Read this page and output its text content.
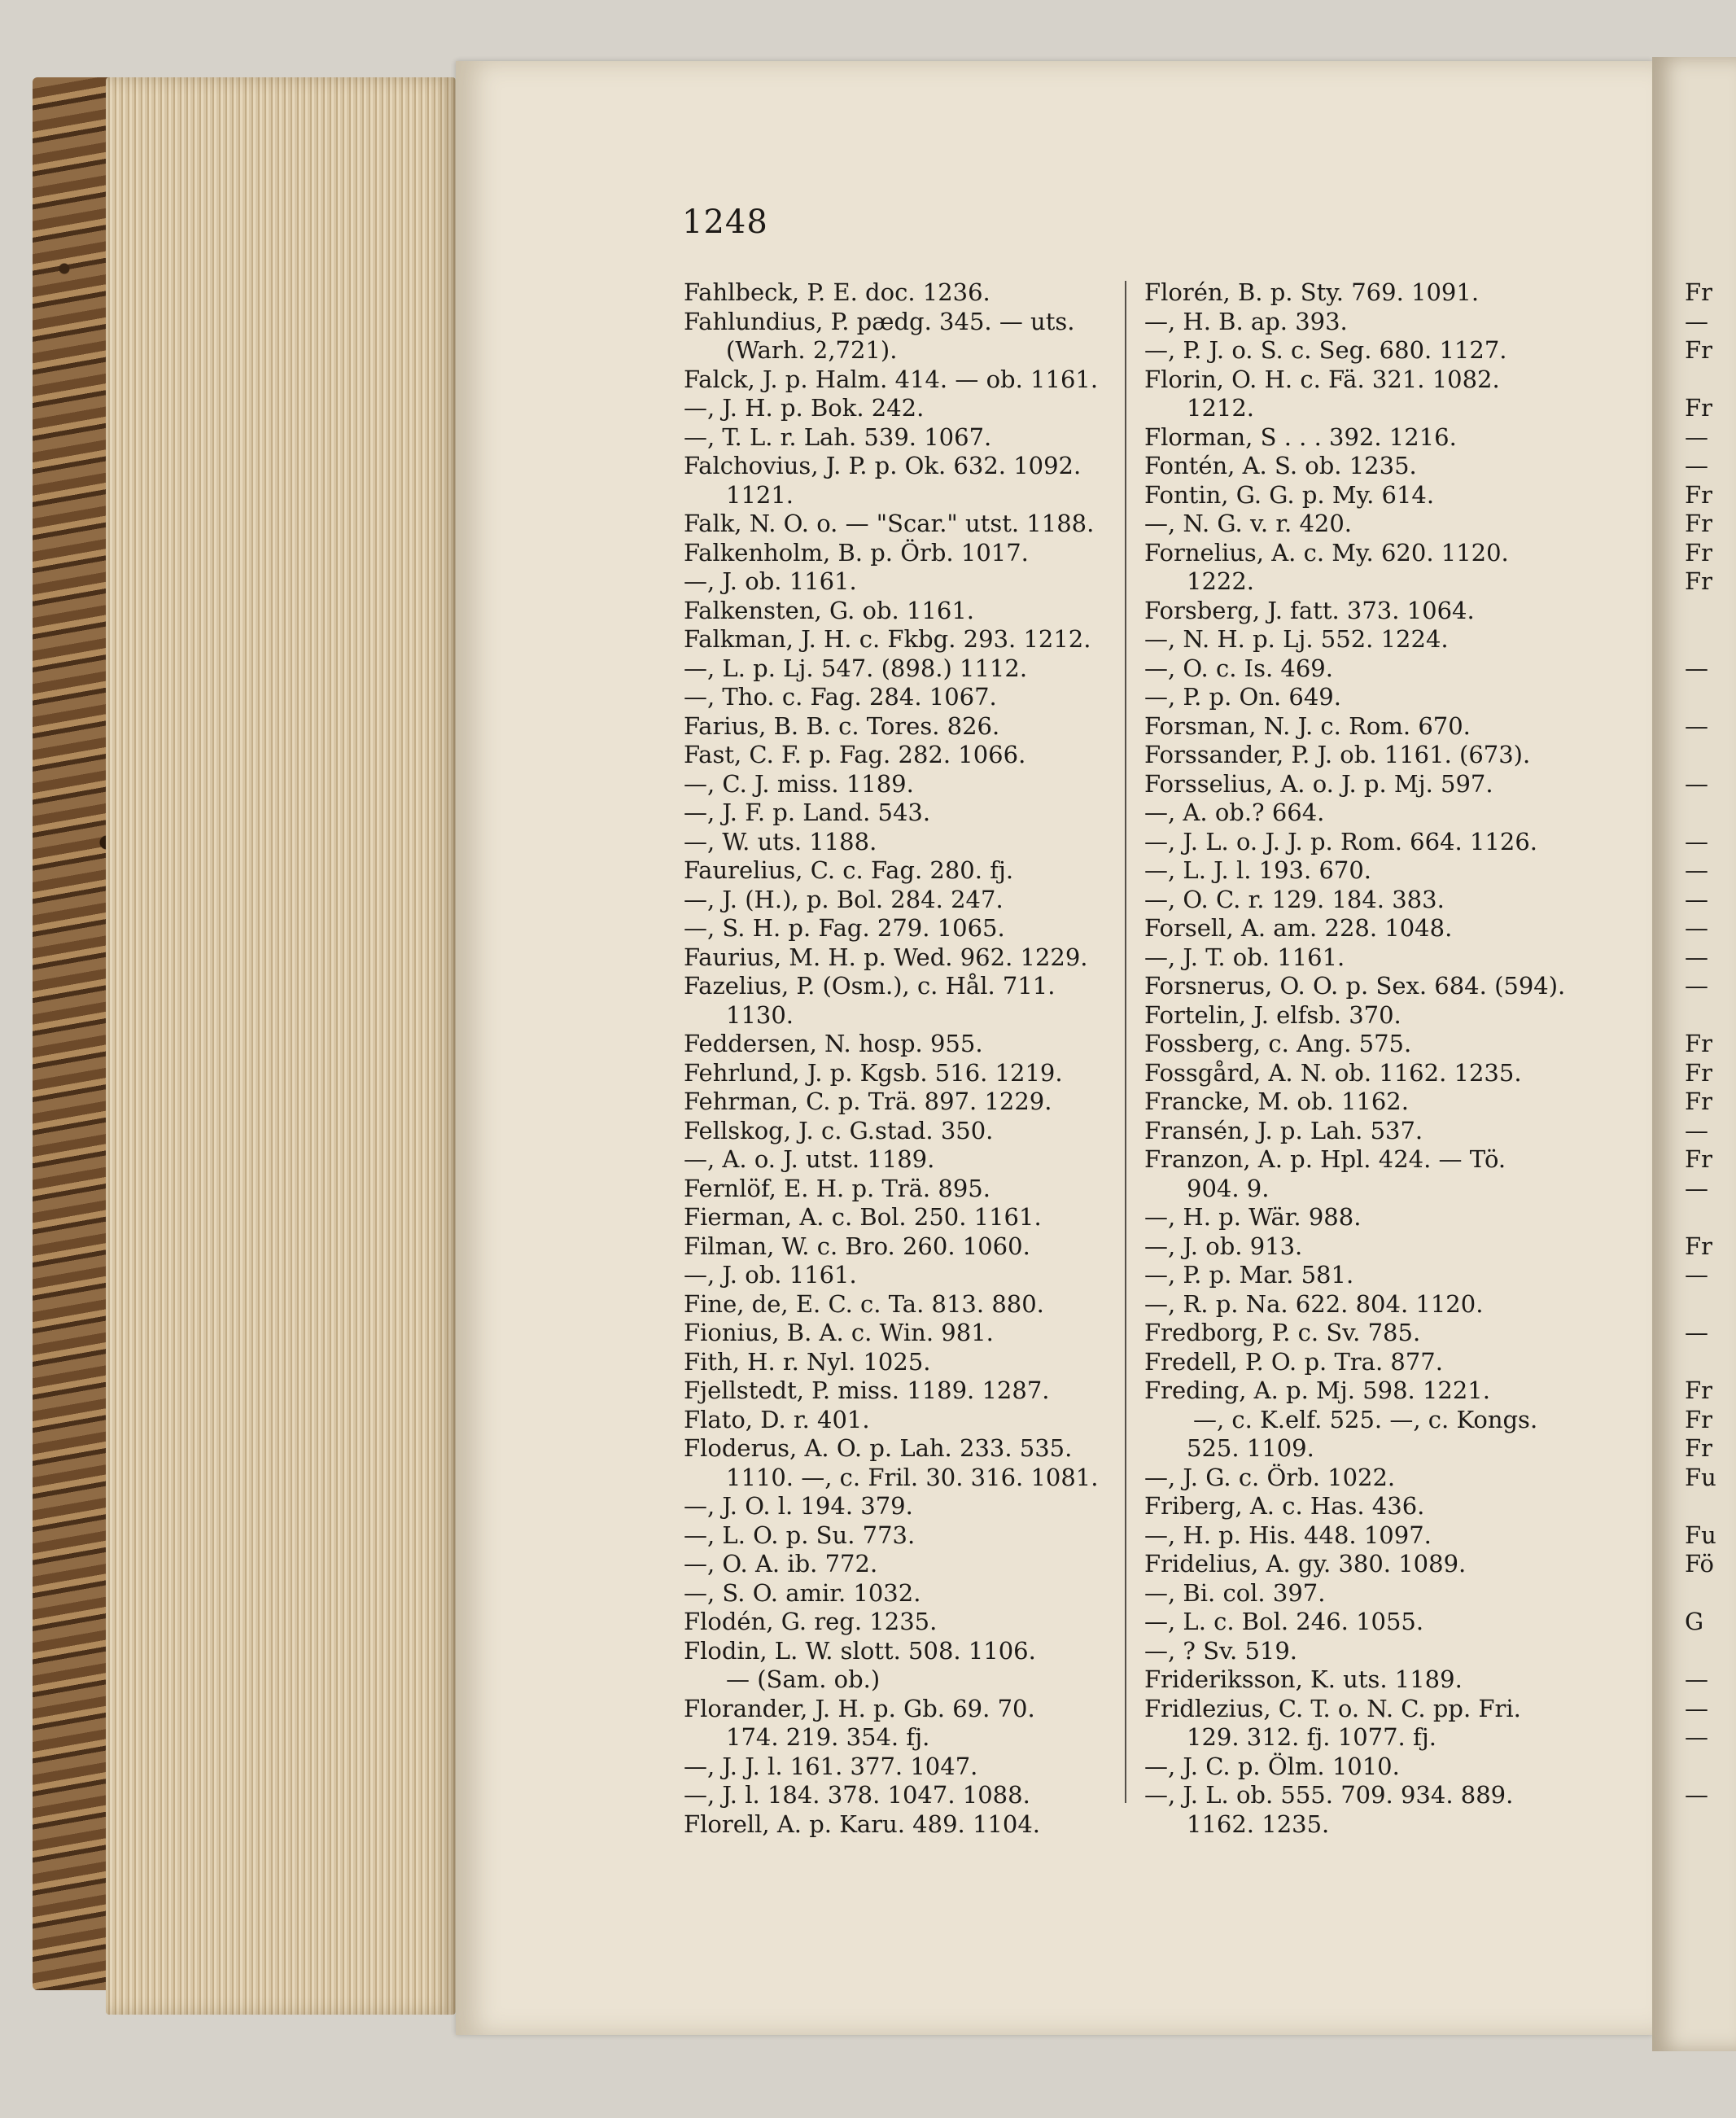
1248
Fahlbeck, P. E. doc. 1236.
Fahlundius, P. pædg. 345. — uts.
(Warh. 2,721).
Falck, J. p. Halm. 414. — ob. 1161.
—, J. H. p. Bok. 242.
—, T. L. r. Lah. 539. 1067.
Falchovius, J. P. p. Ok. 632. 1092.
1121.
Falk, N. O. o. — "Scar." utst. 1188.
Falkenholm, B. p. Örb. 1017.
—, J. ob. 1161.
Falkensten, G. ob. 1161.
Falkman, J. H. c. Fkbg. 293. 1212.
—, L. p. Lj. 547. (898.) 1112.
—, Tho. c. Fag. 284. 1067.
Farius, B. B. c. Tores. 826.
Fast, C. F. p. Fag. 282. 1066.
—, C. J. miss. 1189.
—, J. F. p. Land. 543.
—, W. uts. 1188.
Faurelius, C. c. Fag. 280. fj.
—, J. (H.), p. Bol. 284. 247.
—, S. H. p. Fag. 279. 1065.
Faurius, M. H. p. Wed. 962. 1229.
Fazelius, P. (Osm.), c. Hål. 711.
1130.
Feddersen, N. hosp. 955.
Fehrlund, J. p. Kgsb. 516. 1219.
Fehrman, C. p. Trä. 897. 1229.
Fellskog, J. c. G.stad. 350.
—, A. o. J. utst. 1189.
Fernlöf, E. H. p. Trä. 895.
Fierman, A. c. Bol. 250. 1161.
Filman, W. c. Bro. 260. 1060.
—, J. ob. 1161.
Fine, de, E. C. c. Ta. 813. 880.
Fionius, B. A. c. Win. 981.
Fith, H. r. Nyl. 1025.
Fjellstedt, P. miss. 1189. 1287.
Flato, D. r. 401.
Floderus, A. O. p. Lah. 233. 535.
1110. —, c. Fril. 30. 316. 1081.
—, J. O. l. 194. 379.
—, L. O. p. Su. 773.
—, O. A. ib. 772.
—, S. O. amir. 1032.
Flodén, G. reg. 1235.
Flodin, L. W. slott. 508. 1106.
— (Sam. ob.)
Florander, J. H. p. Gb. 69. 70.
174. 219. 354. fj.
—, J. J. l. 161. 377. 1047.
—, J. l. 184. 378. 1047. 1088.
Florell, A. p. Karu. 489. 1104.
Florén, B. p. Sty. 769. 1091.
—, H. B. ap. 393.
—, P. J. o. S. c. Seg. 680. 1127.
Florin, O. H. c. Fä. 321. 1082.
1212.
Florman, S . . . 392. 1216.
Fontén, A. S. ob. 1235.
Fontin, G. G. p. My. 614.
—, N. G. v. r. 420.
Fornelius, A. c. My. 620. 1120.
1222.
Forsberg, J. fatt. 373. 1064.
—, N. H. p. Lj. 552. 1224.
—, O. c. Is. 469.
—, P. p. On. 649.
Forsman, N. J. c. Rom. 670.
Forssander, P. J. ob. 1161. (673).
Forsselius, A. o. J. p. Mj. 597.
—, A. ob.? 664.
—, J. L. o. J. J. p. Rom. 664. 1126.
—, L. J. l. 193. 670.
—, O. C. r. 129. 184. 383.
Forsell, A. am. 228. 1048.
—, J. T. ob. 1161.
Forsnerus, O. O. p. Sex. 684. (594).
Fortelin, J. elfsb. 370.
Fossberg, c. Ang. 575.
Fossgård, A. N. ob. 1162. 1235.
Francke, M. ob. 1162.
Fransén, J. p. Lah. 537.
Franzon, A. p. Hpl. 424. — Tö.
904. 9.
—, H. p. Wär. 988.
—, J. ob. 913.
—, P. p. Mar. 581.
—, R. p. Na. 622. 804. 1120.
Fredborg, P. c. Sv. 785.
Fredell, P. O. p. Tra. 877.
Freding, A. p. Mj. 598. 1221.
—, c. K.elf. 525. —, c. Kongs.
525. 1109.
—, J. G. c. Örb. 1022.
Friberg, A. c. Has. 436.
—, H. p. His. 448. 1097.
Fridelius, A. gy. 380. 1089.
—, Bi. col. 397.
—, L. c. Bol. 246. 1055.
—, ? Sv. 519.
Frideriksson, K. uts. 1189.
Fridlezius, C. T. o. N. C. pp. Fri.
129. 312. fj. 1077. fj.
—, J. C. p. Ölm. 1010.
—, J. L. ob. 555. 709. 934. 889.
1162. 1235.
Fr
—
Fr
Fr
—
—
Fr
Fr
Fr
Fr
—
—
—
—
—
—
—
—
—
Fr
Fr
Fr
—
Fr
—
Fr
—
—
Fr
Fr
Fr
Fu
Fu
Fö
G
—
—
—
—
